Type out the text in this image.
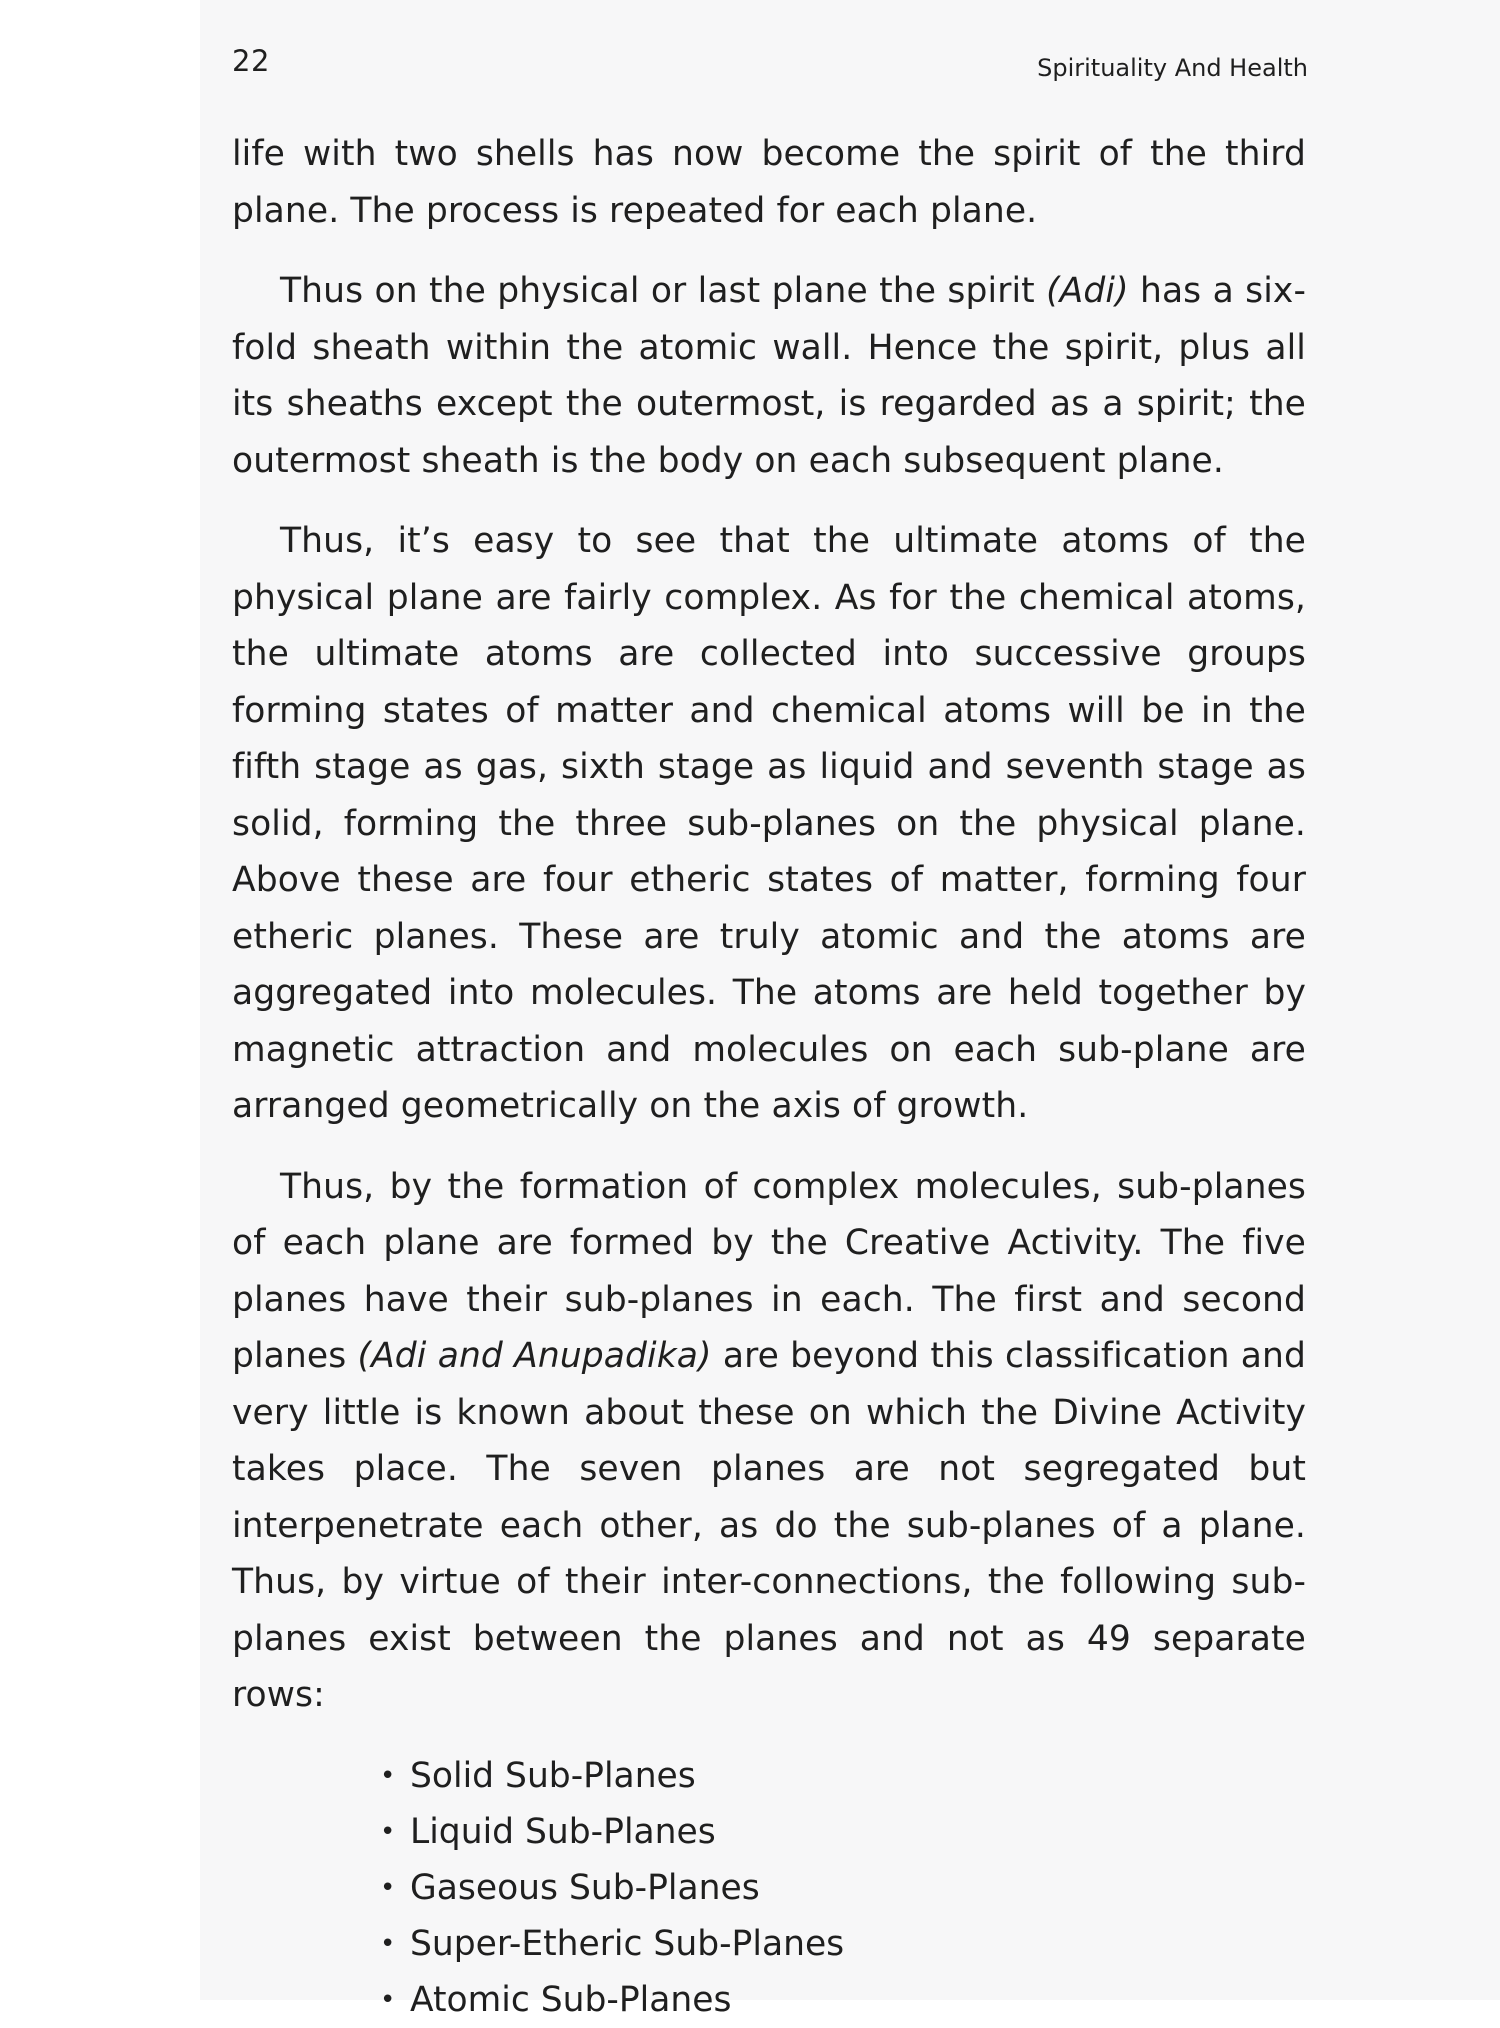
22	Spirituality And Health

life with two shells has now become the spirit of the third plane. The process is repeated for each plane.

Thus on the physical or last plane the spirit (Adi) has a six-fold sheath within the atomic wall. Hence the spirit, plus all its sheaths except the outermost, is regarded as a spirit; the outermost sheath is the body on each subsequent plane.

Thus, it’s easy to see that the ultimate atoms of the physical plane are fairly complex. As for the chemical atoms, the ultimate atoms are collected into successive groups forming states of matter and chemical atoms will be in the fifth stage as gas, sixth stage as liquid and seventh stage as solid, forming the three sub-planes on the physical plane. Above these are four etheric states of matter, forming four etheric planes. These are truly atomic and the atoms are aggregated into molecules. The atoms are held together by magnetic attraction and molecules on each sub-plane are arranged geometrically on the axis of growth.

Thus, by the formation of complex molecules, sub-planes of each plane are formed by the Creative Activity. The five planes have their sub-planes in each. The first and second planes (Adi and Anupadika) are beyond this classification and very little is known about these on which the Divine Activity takes place. The seven planes are not segregated but interpenetrate each other, as do the sub-planes of a plane. Thus, by virtue of their inter-connections, the following sub-planes exist between the planes and not as 49 separate rows:

• Solid Sub-Planes
• Liquid Sub-Planes
• Gaseous Sub-Planes
• Super-Etheric Sub-Planes
• Atomic Sub-Planes
